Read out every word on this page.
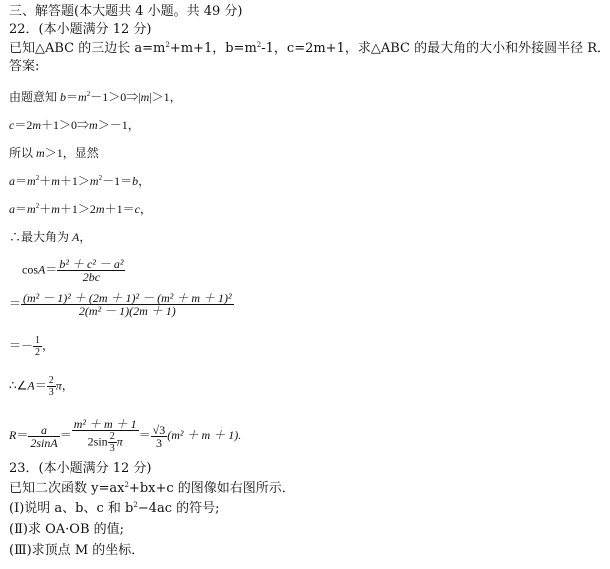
三、解答题(本大题共 4 小题。共 49 分)
22．(本小题满分 12 分)
已知△ABC 的三边长 $a=m^2+m+1$，$b=m^2-1$，c=2m+1，求△ABC 的最大角的大小和外接圆半径 R．
答案:
由题意知 $b=m^2-1>0\Rightarrow|m|>1$，
c＝2m＋1＞0⇒m＞－1，
所以 m＞1，显然
$a=m^2+m+1>m^2-1=b$，
$a=m^2+m+1>2m+1=c$，
∴最大角为 A，
$\cos A= \frac{\text{b² ＋ c² － a²}}{2bc}$
＝ $\frac{\text{(m² － 1)² ＋ (2m ＋ 1)² － (m² ＋ m ＋ 1)²}}{\text{2(m² － 1)(2m ＋ 1)}}$
＝－ $\frac{1}{2}$ ，
∴∠A＝ $\frac{2}{3}$ π，
$R= \frac{a}{2\sin A} = \frac{\text{m² ＋ m ＋ 1}}{2\sin \frac{2}{3} \pi} = \frac{√3}{3} (m^2 + m + 1)$.
23．(本小题满分 12 分)
已知二次函数 $y=ax^2+bx+c$ 的图像如右图所示．
(Ⅰ)说明 a、b、c 和 $b^2-4ac$ 的符号;
(Ⅱ)求 OA·OB 的值;
(Ⅲ)求顶点 M 的坐标．
